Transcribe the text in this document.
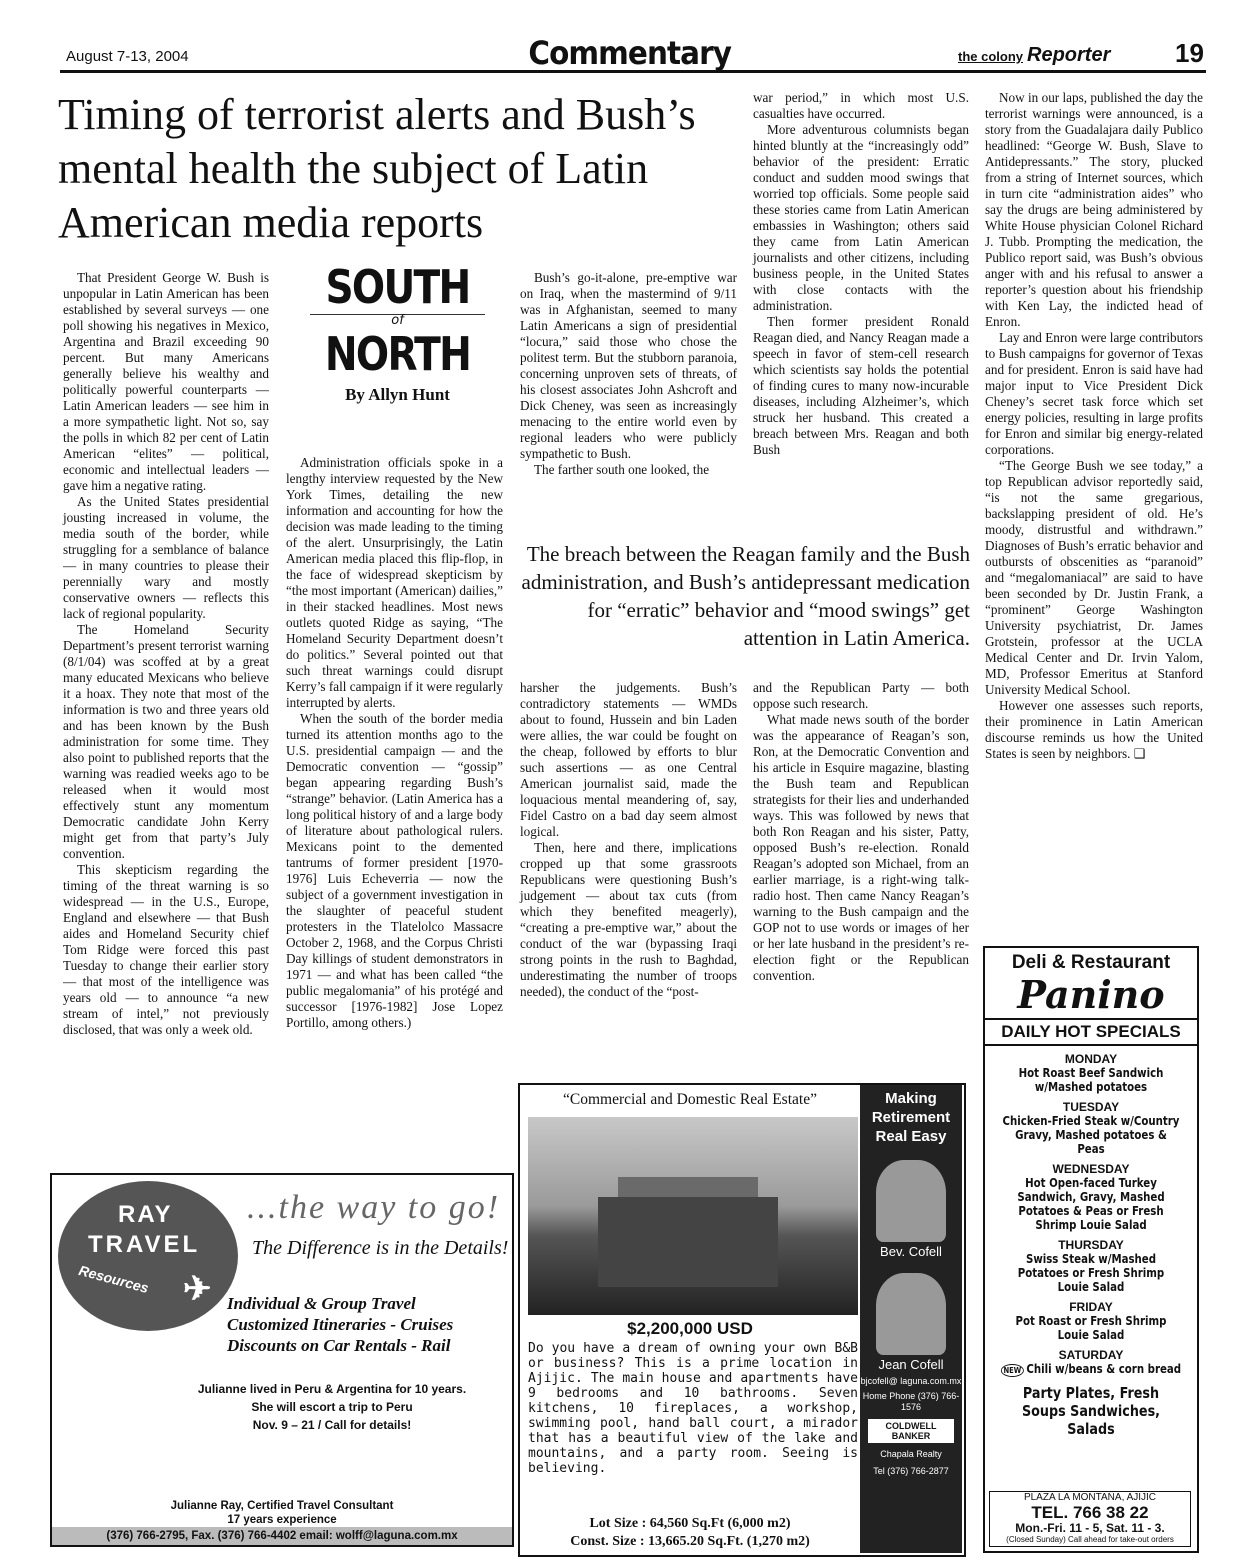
August 7-13, 2004	Commentary	the colony Reporter 19
Timing of terrorist alerts and Bush’s mental health the subject of Latin American media reports

That President George W. Bush is unpopular in Latin American has been established by several surveys — one poll showing his negatives in Mexico, Argentina and Brazil exceeding 90 percent. But many Americans generally believe his wealthy and politically powerful counterparts — Latin American leaders — see him in a more sympathetic light. Not so, say the polls in which 82 per cent of Latin American “elites” — political, economic and intellectual leaders — gave him a negative rating.

As the United States presidential jousting increased in volume, the media south of the border, while struggling for a semblance of balance — in many countries to please their perennially wary and mostly conservative owners — reflects this lack of regional popularity.

The Homeland Security Department’s present terrorist warning (8/1/04) was scoffed at by a great many educated Mexicans who believe it a hoax. They note that most of the information is two and three years old and has been known by the Bush administration for some time. They also point to published reports that the warning was readied weeks ago to be released when it would most effectively stunt any momentum Democratic candidate John Kerry might get from that party’s July convention.

This skepticism regarding the timing of the threat warning is so widespread — in the U.S., Europe, England and elsewhere — that Bush aides and Homeland Security chief Tom Ridge were forced this past Tuesday to change their earlier story — that most of the intelligence was years old — to announce “a new stream of intel,” not previously disclosed, that was only a week old.

SOUTH
of
NORTH
By Allyn Hunt

Administration officials spoke in a lengthy interview requested by the New York Times, detailing the new information and accounting for how the decision was made leading to the timing of the alert. Unsurprisingly, the Latin American media placed this flip-flop, in the face of widespread skepticism by “the most important (American) dailies,” in their stacked headlines. Most news outlets quoted Ridge as saying, “The Homeland Security Department doesn’t do politics.” Several pointed out that such threat warnings could disrupt Kerry’s fall campaign if it were regularly interrupted by alerts.

When the south of the border media turned its attention months ago to the U.S. presidential campaign — and the Democratic convention — “gossip” began appearing regarding Bush’s “strange” behavior. (Latin America has a long political history of and a large body of literature about pathological rulers. Mexicans point to the demented tantrums of former president [1970-1976] Luis Echeverria — now the subject of a government investigation in the slaughter of peaceful student protesters in the Tlatelolco Massacre October 2, 1968, and the Corpus Christi Day killings of student demonstrators in 1971 — and what has been called “the public megalomania” of his protégé and successor [1976-1982] Jose Lopez Portillo, among others.)

Bush’s go-it-alone, pre-emptive war on Iraq, when the mastermind of 9/11 was in Afghanistan, seemed to many Latin Americans a sign of presidential “locura,” said those who chose the politest term. But the stubborn paranoia, concerning unproven sets of threats, of his closest associates John Ashcroft and Dick Cheney, was seen as increasingly menacing to the entire world even by regional leaders who were publicly sympathetic to Bush.

The farther south one looked, the

war period,” in which most U.S. casualties have occurred.

More adventurous columnists began hinted bluntly at the “increasingly odd” behavior of the president: Erratic conduct and sudden mood swings that worried top officials. Some people said these stories came from Latin American embassies in Washington; others said they came from Latin American journalists and other citizens, including business people, in the United States with close contacts with the administration.

Then former president Ronald Reagan died, and Nancy Reagan made a speech in favor of stem-cell research which scientists say holds the potential of finding cures to many now-incurable diseases, including Alzheimer’s, which struck her husband. This created a breach between Mrs. Reagan and both Bush

The breach between the Reagan family and the Bush administration, and Bush’s antidepressant medication for “erratic” behavior and “mood swings” get attention in Latin America.

harsher the judgements. Bush’s contradictory statements — WMDs about to found, Hussein and bin Laden were allies, the war could be fought on the cheap, followed by efforts to blur such assertions — as one Central American journalist said, made the loquacious mental meandering of, say, Fidel Castro on a bad day seem almost logical.

Then, here and there, implications cropped up that some grassroots Republicans were questioning Bush’s judgement — about tax cuts (from which they benefited meagerly), “creating a pre-emptive war,” about the conduct of the war (bypassing Iraqi strong points in the rush to Baghdad, underestimating the number of troops needed), the conduct of the “post-

and the Republican Party — both oppose such research.

What made news south of the border was the appearance of Reagan’s son, Ron, at the Democratic Convention and his article in Esquire magazine, blasting the Bush team and Republican strategists for their lies and underhanded ways. This was followed by news that both Ron Reagan and his sister, Patty, opposed Bush’s re-election. Ronald Reagan’s adopted son Michael, from an earlier marriage, is a right-wing talk-radio host. Then came Nancy Reagan’s warning to the Bush campaign and the GOP not to use words or images of her or her late husband in the president’s re-election fight or the Republican convention.

Now in our laps, published the day the terrorist warnings were announced, is a story from the Guadalajara daily Publico headlined: “George W. Bush, Slave to Antidepressants.” The story, plucked from a string of Internet sources, which in turn cite “administration aides” who say the drugs are being administered by White House physician Colonel Richard J. Tubb. Prompting the medication, the Publico report said, was Bush’s obvious anger with and his refusal to answer a reporter’s question about his friendship with Ken Lay, the indicted head of Enron.

Lay and Enron were large contributors to Bush campaigns for governor of Texas and for president. Enron is said have had major input to Vice President Dick Cheney’s secret task force which set energy policies, resulting in large profits for Enron and similar big energy-related corporations.

“The George Bush we see today,” a top Republican advisor reportedly said, “is not the same gregarious, backslapping president of old. He’s moody, distrustful and withdrawn.” Diagnoses of Bush’s erratic behavior and outbursts of obscenities as “paranoid” and “megalomaniacal” are said to have been seconded by Dr. Justin Frank, a “prominent” George Washington University psychiatrist, Dr. James Grotstein, professor at the UCLA Medical Center and Dr. Irvin Yalom, MD, Professor Emeritus at Stanford University Medical School.

However one assesses such reports, their prominence in Latin American discourse reminds us how the United States is seen by neighbors. ❑

RAY
TRAVEL
Resources ✈
...the way to go!
The Difference is in the Details!
Individual & Group Travel
Customized Itineraries - Cruises
Discounts on Car Rentals - Rail
Julianne lived in Peru & Argentina for 10 years.
She will escort a trip to Peru
Nov. 9 – 21 / Call for details!
Julianne Ray, Certified Travel Consultant
17 years experience
(376) 766-2795, Fax. (376) 766-4402 email: wolff@laguna.com.mx
“Commercial and Domestic Real Estate”
$2,200,000 USD
Do you have a dream of owning your own B&B or business? This is a prime location in Ajijic. The main house and apartments have 9 bedrooms and 10 bathrooms. Seven kitchens, 10 fireplaces, a workshop, swimming pool, hand ball court, a mirador that has a beautiful view of the lake and mountains, and a party room. Seeing is believing.
Lot Size : 64,560 Sq.Ft (6,000 m2)
Const. Size : 13,665.20 Sq.Ft. (1,270 m2)
Making Retirement Real Easy
Bev. Cofell
Jean Cofell
bjcofell@ laguna.com.mx
Home Phone (376) 766-1576
COLDWELL BANKER
Chapala Realty
Tel (376) 766-2877
Deli & Restaurant
Panino
DAILY HOT SPECIALS
MONDAY
Hot Roast Beef Sandwich w/Mashed potatoes
TUESDAY
Chicken-Fried Steak w/Country Gravy, Mashed potatoes & Peas
WEDNESDAY
Hot Open-faced Turkey Sandwich, Gravy, Mashed Potatoes & Peas or Fresh Shrimp Louie Salad
THURSDAY
Swiss Steak w/Mashed Potatoes or Fresh Shrimp Louie Salad
FRIDAY
Pot Roast or Fresh Shrimp Louie Salad
SATURDAY
NEW Chili w/beans & corn bread
Party Plates, Fresh Soups Sandwiches, Salads
PLAZA LA MONTAÑA, AJIJIC
TEL. 766 38 22
Mon.-Fri. 11 - 5, Sat. 11 - 3.
(Closed Sunday) Call ahead for take-out orders
